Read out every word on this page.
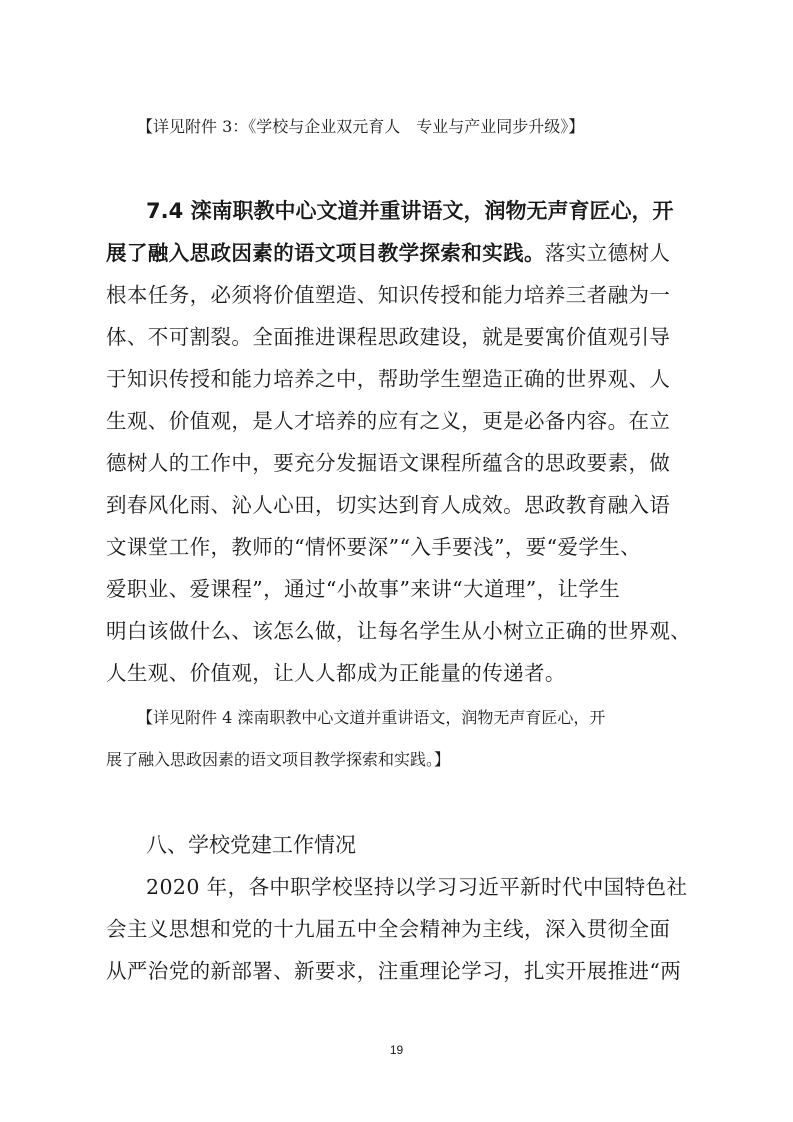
【详见附件 3：《学校与企业双元育人　专业与产业同步升级》】
7.4 滦南职教中心文道并重讲语文，润物无声育匠心，开
展了融入思政因素的语文项目教学探索和实践。落实立德树人
根本任务，必须将价值塑造、知识传授和能力培养三者融为一
体、不可割裂。全面推进课程思政建设，就是要寓价值观引导
于知识传授和能力培养之中，帮助学生塑造正确的世界观、人
生观、价值观，是人才培养的应有之义，更是必备内容。在立
德树人的工作中，要充分发掘语文课程所蕴含的思政要素，做
到春风化雨、沁人心田，切实达到育人成效。思政教育融入语
文课堂工作，教师的“情怀要深”“入手要浅”，要“爱学生、
爱职业、爱课程”，通过“小故事”来讲“大道理”，让学生
明白该做什么、该怎么做，让每名学生从小树立正确的世界观、
人生观、价值观，让人人都成为正能量的传递者。
【详见附件 4 滦南职教中心文道并重讲语文，润物无声育匠心，开
展了融入思政因素的语文项目教学探索和实践。】
八、学校党建工作情况
2020 年，各中职学校坚持以学习习近平新时代中国特色社
会主义思想和党的十九届五中全会精神为主线，深入贯彻全面
从严治党的新部署、新要求，注重理论学习，扎实开展推进“两
19
